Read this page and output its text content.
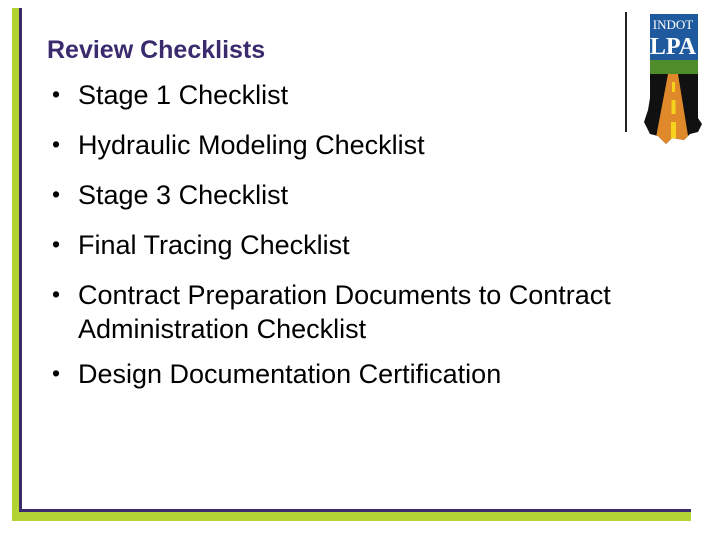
Review Checklists
• Stage 1 Checklist
• Hydraulic Modeling Checklist
• Stage 3 Checklist
• Final Tracing Checklist
• Contract Preparation Documents to Contract Administration Checklist
• Design Documentation Certification
INDOT
LPA
